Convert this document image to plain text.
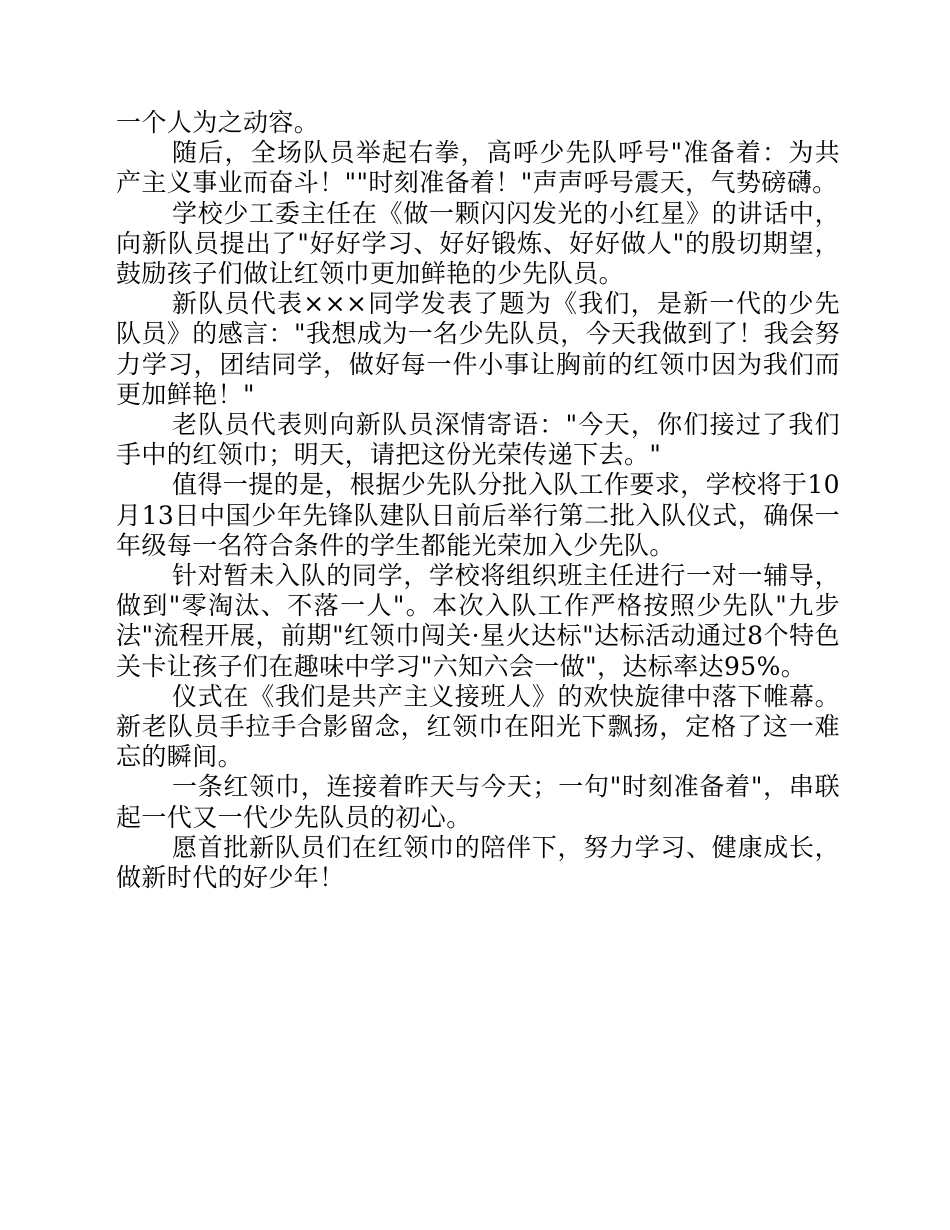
一个人为之动容。

随后，全场队员举起右拳，高呼少先队呼号"准备着：为共产主义事业而奋斗！""时刻准备着！"声声呼号震天，气势磅礴。

学校少工委主任在《做一颗闪闪发光的小红星》的讲话中，向新队员提出了"好好学习、好好锻炼、好好做人"的殷切期望，鼓励孩子们做让红领巾更加鲜艳的少先队员。

新队员代表×××同学发表了题为《我们，是新一代的少先队员》的感言："我想成为一名少先队员，今天我做到了！我会努力学习，团结同学，做好每一件小事让胸前的红领巾因为我们而更加鲜艳！"

老队员代表则向新队员深情寄语："今天，你们接过了我们手中的红领巾；明天，请把这份光荣传递下去。"

值得一提的是，根据少先队分批入队工作要求，学校将于10月13日中国少年先锋队建队日前后举行第二批入队仪式，确保一年级每一名符合条件的学生都能光荣加入少先队。

针对暂未入队的同学，学校将组织班主任进行一对一辅导，做到"零淘汰、不落一人"。本次入队工作严格按照少先队"九步法"流程开展，前期"红领巾闯关·星火达标"达标活动通过8个特色关卡让孩子们在趣味中学习"六知六会一做"，达标率达95%。

仪式在《我们是共产主义接班人》的欢快旋律中落下帷幕。新老队员手拉手合影留念，红领巾在阳光下飘扬，定格了这一难忘的瞬间。

一条红领巾，连接着昨天与今天；一句"时刻准备着"，串联起一代又一代少先队员的初心。

愿首批新队员们在红领巾的陪伴下，努力学习、健康成长，做新时代的好少年！
